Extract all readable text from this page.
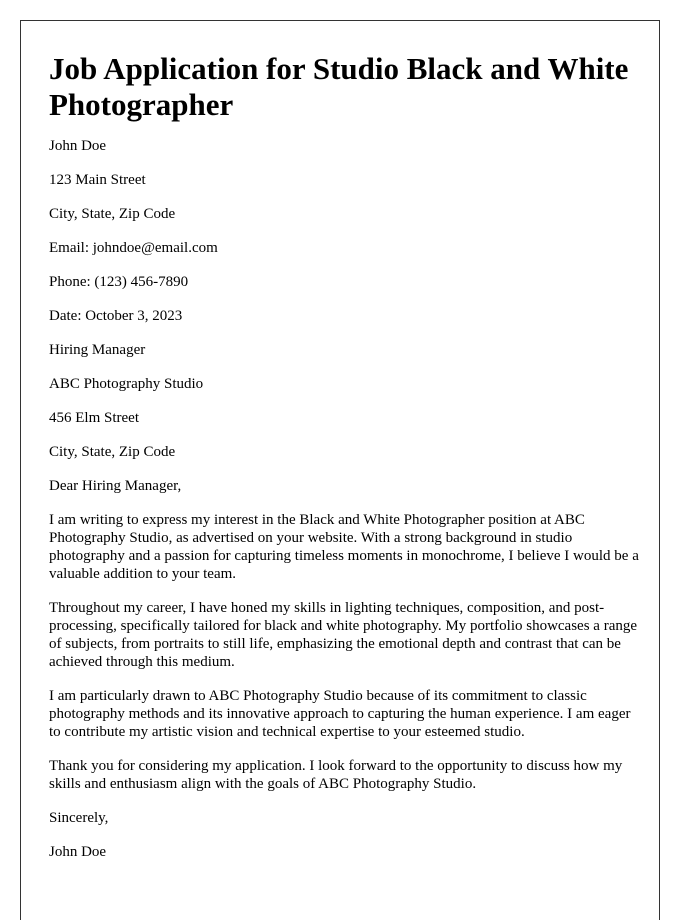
Job Application for Studio Black and White Photographer
John Doe
123 Main Street
City, State, Zip Code
Email: johndoe@email.com
Phone: (123) 456-7890
Date: October 3, 2023
Hiring Manager
ABC Photography Studio
456 Elm Street
City, State, Zip Code
Dear Hiring Manager,

I am writing to express my interest in the Black and White Photographer position at ABC Photography Studio, as advertised on your website. With a strong background in studio photography and a passion for capturing timeless moments in monochrome, I believe I would be a valuable addition to your team.

Throughout my career, I have honed my skills in lighting techniques, composition, and post-processing, specifically tailored for black and white photography. My portfolio showcases a range of subjects, from portraits to still life, emphasizing the emotional depth and contrast that can be achieved through this medium.

I am particularly drawn to ABC Photography Studio because of its commitment to classic photography methods and its innovative approach to capturing the human experience. I am eager to contribute my artistic vision and technical expertise to your esteemed studio.

Thank you for considering my application. I look forward to the opportunity to discuss how my skills and enthusiasm align with the goals of ABC Photography Studio.

Sincerely,
John Doe
